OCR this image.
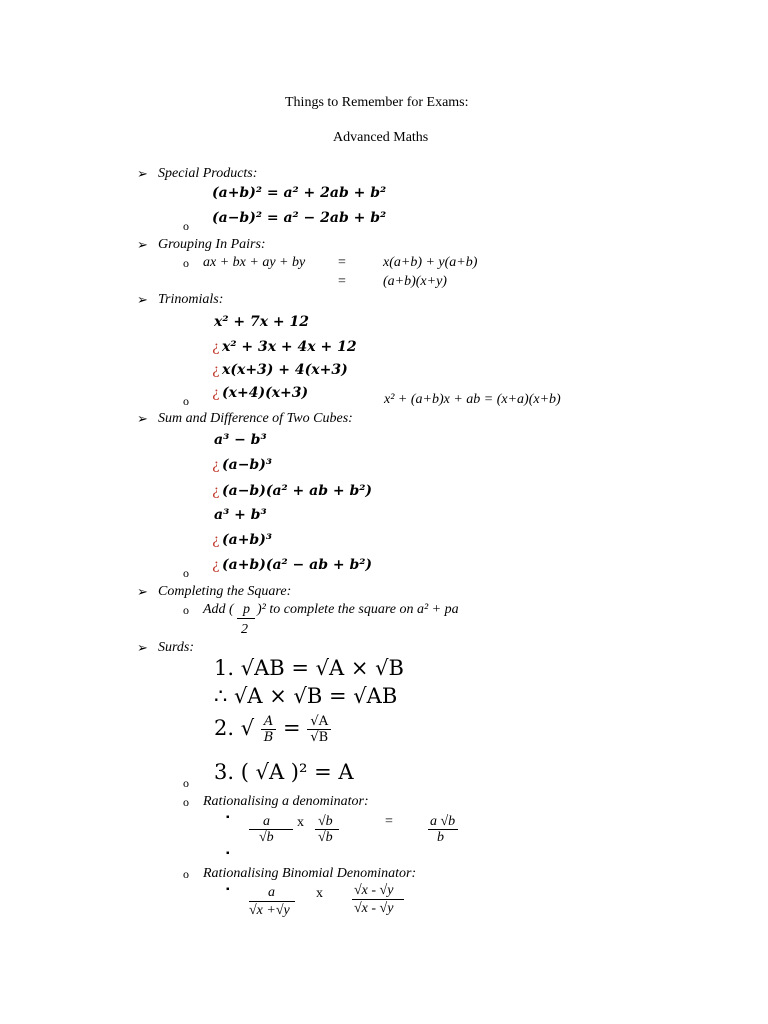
Things to Remember for Exams:
Advanced Maths
➢ Special Products:
(a+b)² = a² + 2ab + b²
o (a−b)² = a² − 2ab + b²
➢ Grouping In Pairs:
o ax + bx + ay + by =	x(a+b) + y(a+b)
=	(a+b)(x+y)
➢ Trinomials:
x² + 7x + 12
¿ x² + 3x + 4x + 12
¿ x(x+3) + 4(x+3)
o ¿ (x+4)(x+3)	x² + (a+b)x + ab = (x+a)(x+b)
➢ Sum and Difference of Two Cubes:
a³ − b³
¿ (a−b)³
¿ (a−b)(a² + ab + b²)
a³ + b³
¿ (a+b)³
o ¿ (a+b)(a² − ab + b²)
➢ Completing the Square:
o Add ( p )² to complete the square on a² + pa
2
➢ Surds:
1. √AB = √A × √B
∴ √A × √B = √AB
2. √ $\frac{A}{B} = \frac{√A}{√B}$
3. ( √A )² = A
o
o Rationalising a denominator:
▪ a
√b
x √b
√b
=	a √b
b
▪
o Rationalising Binomial Denominator:
▪	a
√x +√y
x √x - √y
√x - √y
